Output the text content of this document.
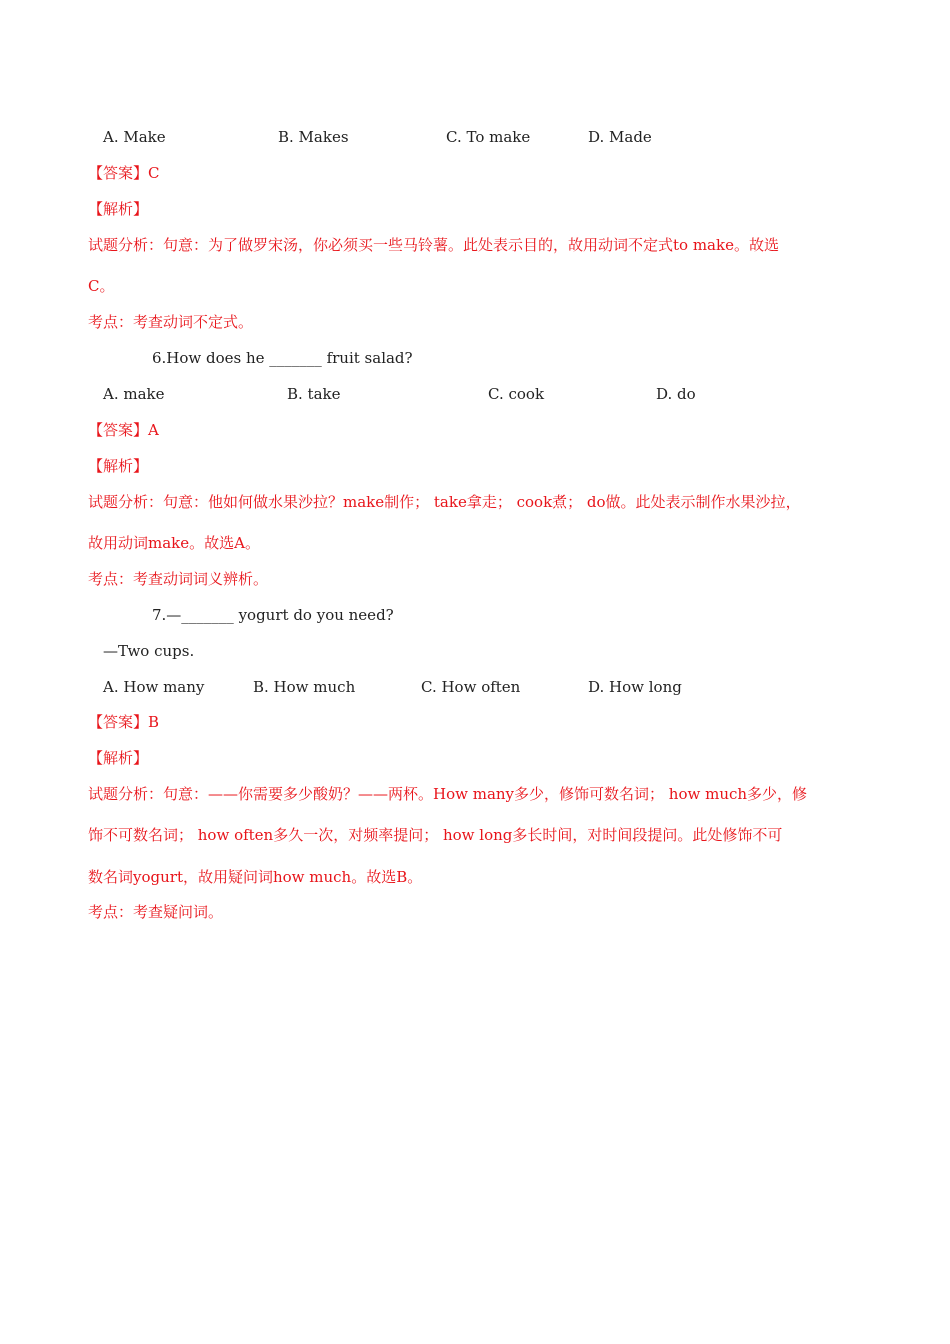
A. Make	B. Makes	C. To make	D. Made
【答案】C
【解析】
试题分析：句意：为了做罗宋汤，你必须买一些马铃薯。此处表示目的，故用动词不定式to make。故选
C。
考点：考查动词不定式。
6.How does he _______ fruit salad?
A. make	B. take	C. cook	D. do
【答案】A
【解析】
试题分析：句意：他如何做水果沙拉？make制作； take拿走； cook煮； do做。此处表示制作水果沙拉，
故用动词make。故选A。
考点：考查动词词义辨析。
7.—_______ yogurt do you need?
—Two cups.
A. How many	B. How much	C. How often	D. How long
【答案】B
【解析】
试题分析：句意：——你需要多少酸奶？——两杯。How many多少，修饰可数名词； how much多少，修
饰不可数名词； how often多久一次，对频率提问； how long多长时间，对时间段提问。此处修饰不可
数名词yogurt，故用疑问词how much。故选B。
考点：考查疑问词。
